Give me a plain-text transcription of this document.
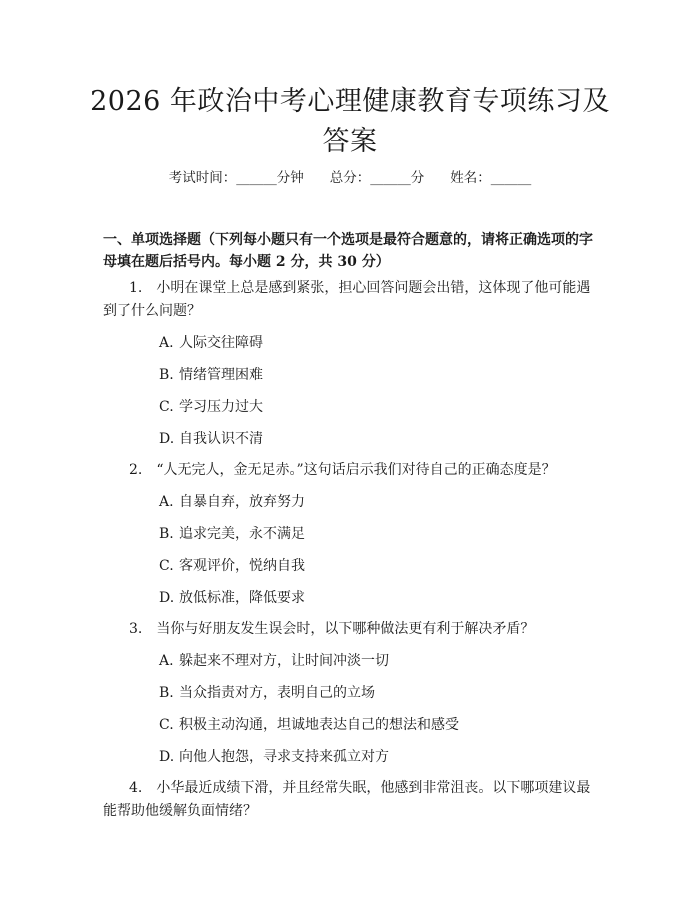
2026 年政治中考心理健康教育专项练习及答案
考试时间：______分钟 总分：______分 姓名：______
一、单项选择题（下列每小题只有一个选项是最符合题意的，请将正确选项的字母填在题后括号内。每小题 2 分，共 30 分）
1.　小明在课堂上总是感到紧张，担心回答问题会出错，这体现了他可能遇到了什么问题？
A. 人际交往障碍
B. 情绪管理困难
C. 学习压力过大
D. 自我认识不清
2.　“人无完人，金无足赤。”这句话启示我们对待自己的正确态度是？
A. 自暴自弃，放弃努力
B. 追求完美，永不满足
C. 客观评价，悦纳自我
D. 放低标准，降低要求
3.　当你与好朋友发生误会时，以下哪种做法更有利于解决矛盾？
A. 躲起来不理对方，让时间冲淡一切
B. 当众指责对方，表明自己的立场
C. 积极主动沟通，坦诚地表达自己的想法和感受
D. 向他人抱怨，寻求支持来孤立对方
4.　小华最近成绩下滑，并且经常失眠，他感到非常沮丧。以下哪项建议最能帮助他缓解负面情绪？
